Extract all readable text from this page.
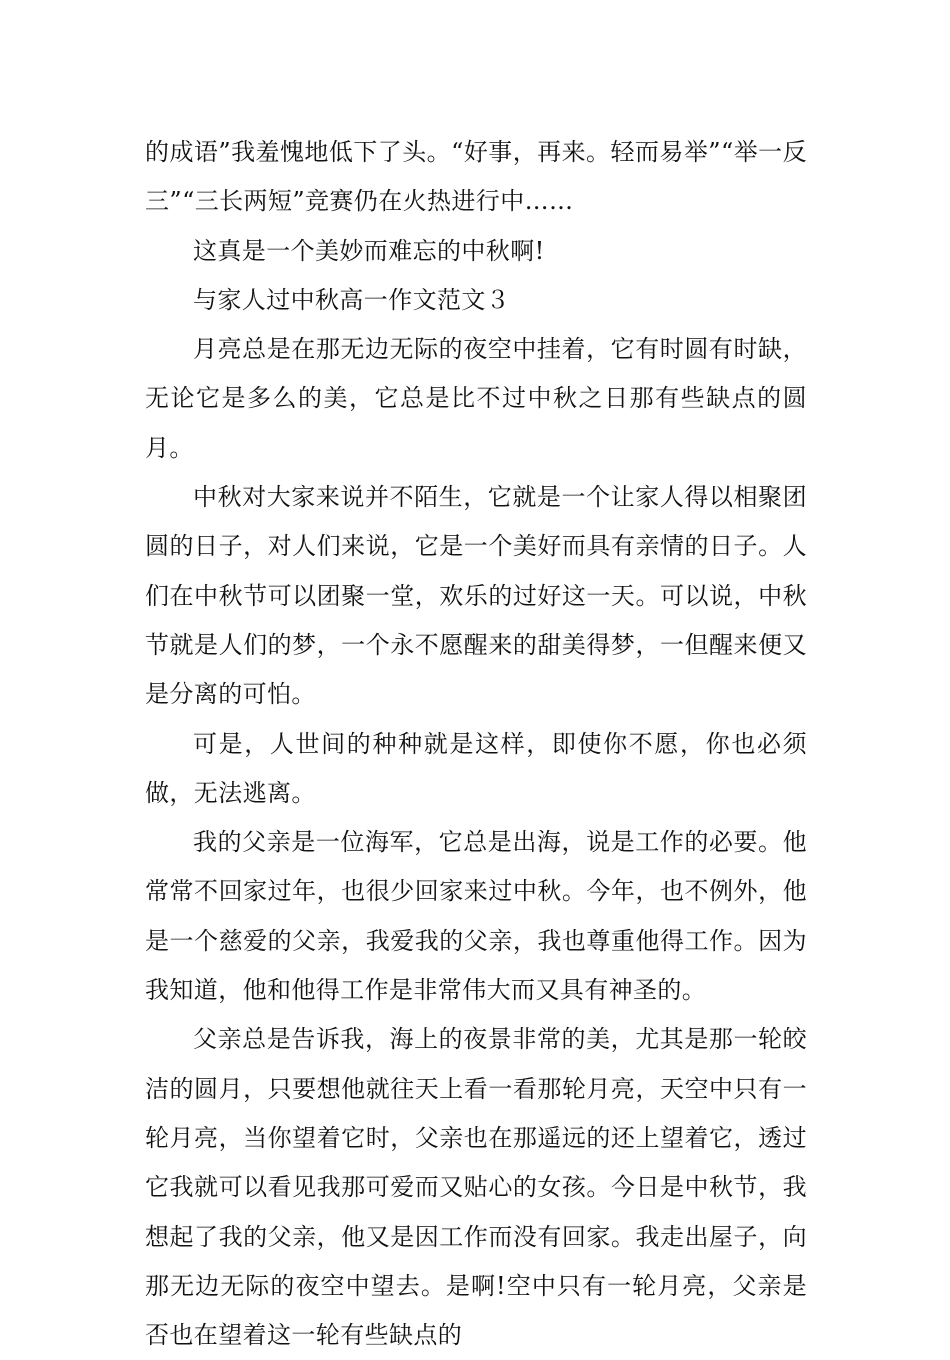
的成语”我羞愧地低下了头。“好事，再来。轻而易举”“举一反三”“三长两短”竞赛仍在火热进行中……

这真是一个美妙而难忘的中秋啊!

与家人过中秋高一作文范文３

月亮总是在那无边无际的夜空中挂着，它有时圆有时缺，无论它是多么的美，它总是比不过中秋之日那有些缺点的圆月。

中秋对大家来说并不陌生，它就是一个让家人得以相聚团圆的日子，对人们来说，它是一个美好而具有亲情的日子。人们在中秋节可以团聚一堂，欢乐的过好这一天。可以说，中秋节就是人们的梦，一个永不愿醒来的甜美得梦，一但醒来便又是分离的可怕。

可是，人世间的种种就是这样，即使你不愿，你也必须做，无法逃离。

我的父亲是一位海军，它总是出海，说是工作的必要。他常常不回家过年，也很少回家来过中秋。今年，也不例外，他是一个慈爱的父亲，我爱我的父亲，我也尊重他得工作。因为我知道，他和他得工作是非常伟大而又具有神圣的。

父亲总是告诉我，海上的夜景非常的美，尤其是那一轮皎洁的圆月，只要想他就往天上看一看那轮月亮，天空中只有一轮月亮，当你望着它时，父亲也在那遥远的还上望着它，透过它我就可以看见我那可爱而又贴心的女孩。今日是中秋节，我想起了我的父亲，他又是因工作而没有回家。我走出屋子，向那无边无际的夜空中望去。是啊!空中只有一轮月亮，父亲是否也在望着这一轮有些缺点的
